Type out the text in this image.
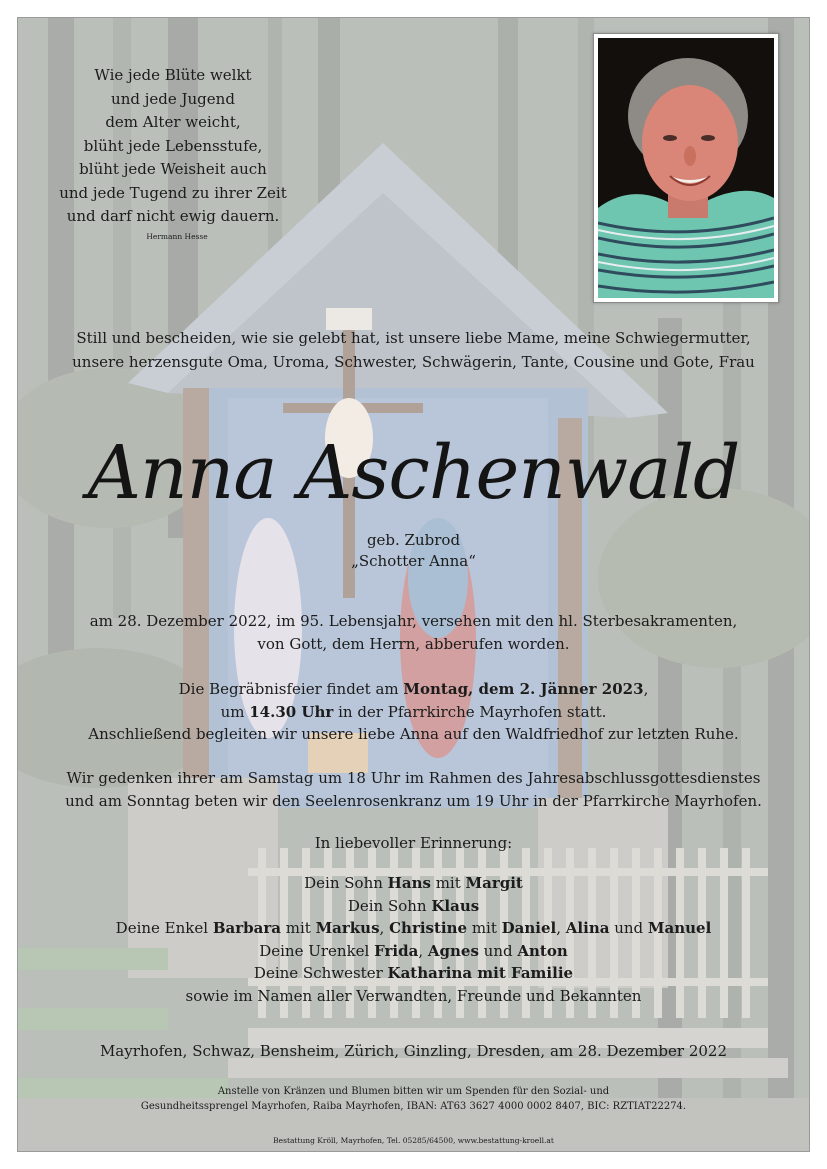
Wie jede Blüte welkt
und jede Jugend
dem Alter weicht,
blüht jede Lebensstufe,
blüht jede Weisheit auch
und jede Tugend zu ihrer Zeit
und darf nicht ewig dauern.
Hermann Hesse
Still und bescheiden, wie sie gelebt hat, ist unsere liebe Mame, meine Schwiegermutter,
unsere herzensgute Oma, Uroma, Schwester, Schwägerin, Tante, Cousine und Gote, Frau
Anna Aschenwald
geb. Zubrod
„Schotter Anna“
am 28. Dezember 2022, im 95. Lebensjahr, versehen mit den hl. Sterbesakramenten,
von Gott, dem Herrn, abberufen worden.
Die Begräbnisfeier findet am Montag, dem 2. Jänner 2023,
um 14.30 Uhr in der Pfarrkirche Mayrhofen statt.
Anschließend begleiten wir unsere liebe Anna auf den Waldfriedhof zur letzten Ruhe.
Wir gedenken ihrer am Samstag um 18 Uhr im Rahmen des Jahresabschlussgottesdienstes
und am Sonntag beten wir den Seelenrosenkranz um 19 Uhr in der Pfarrkirche Mayrhofen.
In liebevoller Erinnerung:
Dein Sohn Hans mit Margit
Dein Sohn Klaus
Deine Enkel Barbara mit Markus, Christine mit Daniel, Alina und Manuel
Deine Urenkel Frida, Agnes und Anton
Deine Schwester Katharina mit Familie
sowie im Namen aller Verwandten, Freunde und Bekannten
Mayrhofen, Schwaz, Bensheim, Zürich, Ginzling, Dresden, am 28. Dezember 2022
Anstelle von Kränzen und Blumen bitten wir um Spenden für den Sozial- und
Gesundheitssprengel Mayrhofen, Raiba Mayrhofen, IBAN: AT63 3627 4000 0002 8407, BIC: RZTIAT22274.
Bestattung Kröll, Mayrhofen, Tel. 05285/64500, www.bestattung-kroell.at
